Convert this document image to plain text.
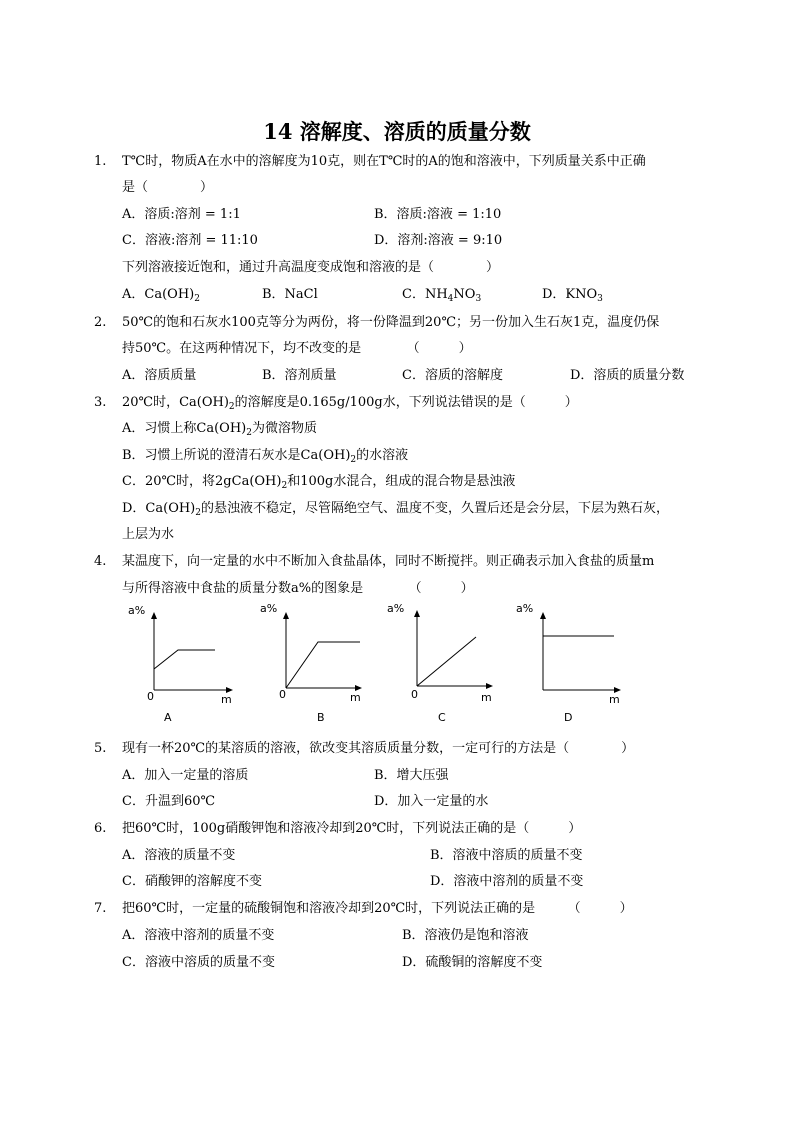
14 溶解度、溶质的质量分数
1. T℃时，物质A在水中的溶解度为10克，则在T℃时的A的饱和溶液中，下列质量关系中正确
是（　　　　）
A．溶质:溶剂 = 1:1	B．溶质:溶液 = 1:10
C．溶液:溶剂 = 11:10	D．溶剂:溶液 = 9:10
下列溶液接近饱和，通过升高温度变成饱和溶液的是（　　　　）
A．$Ca(OH)_2$	B．NaCl	C．$NH_4NO_3$	D．$KNO_3$
2. 50℃的饱和石灰水100克等分为两份，将一份降温到20℃；另一份加入生石灰1克，温度仍保
持50℃。在这两种情况下，均不改变的是　　　　（　　　）
A．溶质质量	B．溶剂质量	C．溶质的溶解度	D．溶质的质量分数
3. 20℃时，$Ca(OH)_2$的溶解度是0.165g/100g水，下列说法错误的是（　　　）
A．习惯上称$Ca(OH)_2$为微溶物质
B．习惯上所说的澄清石灰水是$Ca(OH)_2$的水溶液
C．20℃时，将$2gCa(OH)_2$和100g水混合，组成的混合物是悬浊液
D．$Ca(OH)_2$的悬浊液不稳定，尽管隔绝空气、温度不变，久置后还是会分层，下层为熟石灰，
上层为水
4. 某温度下，向一定量的水中不断加入食盐晶体，同时不断搅拌。则正确表示加入食盐的质量m
与所得溶液中食盐的质量分数a%的图象是　　　　（　　　）
a%
0	m
A
a%
0	m
B
a%
0	m
C
a%
m
D
5. 现有一杯20℃的某溶质的溶液，欲改变其溶质质量分数，一定可行的方法是（　　　　）
A．加入一定量的溶质	B．增大压强
C．升温到60℃	D．加入一定量的水
6. 把60℃时，100g硝酸钾饱和溶液冷却到20℃时，下列说法正确的是（　　　）
A．溶液的质量不变	B．溶液中溶质的质量不变
C．硝酸钾的溶解度不变	D．溶液中溶剂的质量不变
7. 把60℃时，一定量的硫酸铜饱和溶液冷却到20℃时，下列说法正确的是　　　（　　　）
A．溶液中溶剂的质量不变	B．溶液仍是饱和溶液
C．溶液中溶质的质量不变	D．硫酸铜的溶解度不变
